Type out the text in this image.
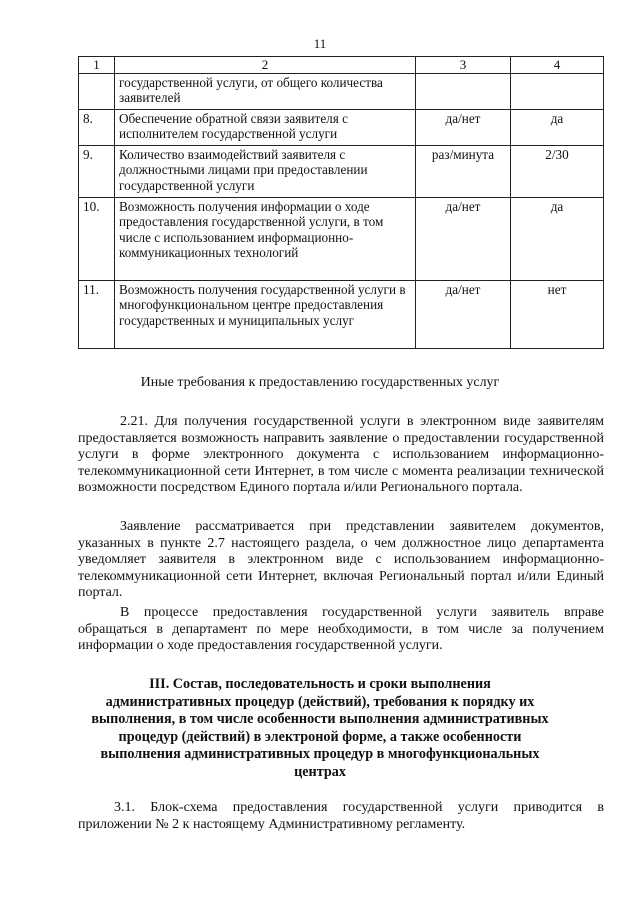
11
1	2	3	4
	государственной услуги, от общего количества заявителей		
8.	Обеспечение обратной связи заявителя с исполнителем государственной услуги	да/нет	да
9.	Количество взаимодействий заявителя с должностными лицами при предоставлении государственной услуги	раз/минута	2/30
10.	Возможность получения информации о ходе предоставления государственной услуги, в том числе с использованием информационно-коммуникационных технологий	да/нет	да
11.	Возможность получения государственной услуги в многофункциональном центре предоставления государственных и муниципальных услуг	да/нет	нет
Иные требования к предоставлению государственных услуг

2.21. Для получения государственной услуги в электронном виде заявителям предоставляется возможность направить заявление о предоставлении государственной услуги в форме электронного документа с использованием информационно-телекоммуникационной сети Интернет, в том числе с момента реализации технической возможности посредством Единого портала и/или Регионального портала.

Заявление рассматривается при представлении заявителем документов, указанных в пункте 2.7 настоящего раздела, о чем должностное лицо департамента уведомляет заявителя в электронном виде с использованием информационно-телекоммуникационной сети Интернет, включая Региональный портал и/или Единый портал.

В процессе предоставления государственной услуги заявитель вправе обращаться в департамент по мере необходимости, в том числе за получением информации о ходе предоставления государственной услуги.

III. Состав, последовательность и сроки выполнения административных процедур (действий), требования к порядку их выполнения, в том числе особенности выполнения административных процедур (действий) в электроной форме, а также особенности выполнения административных процедур в многофункциональных центрах

3.1. Блок-схема предоставления государственной услуги приводится в приложении № 2 к настоящему Административному регламенту.
